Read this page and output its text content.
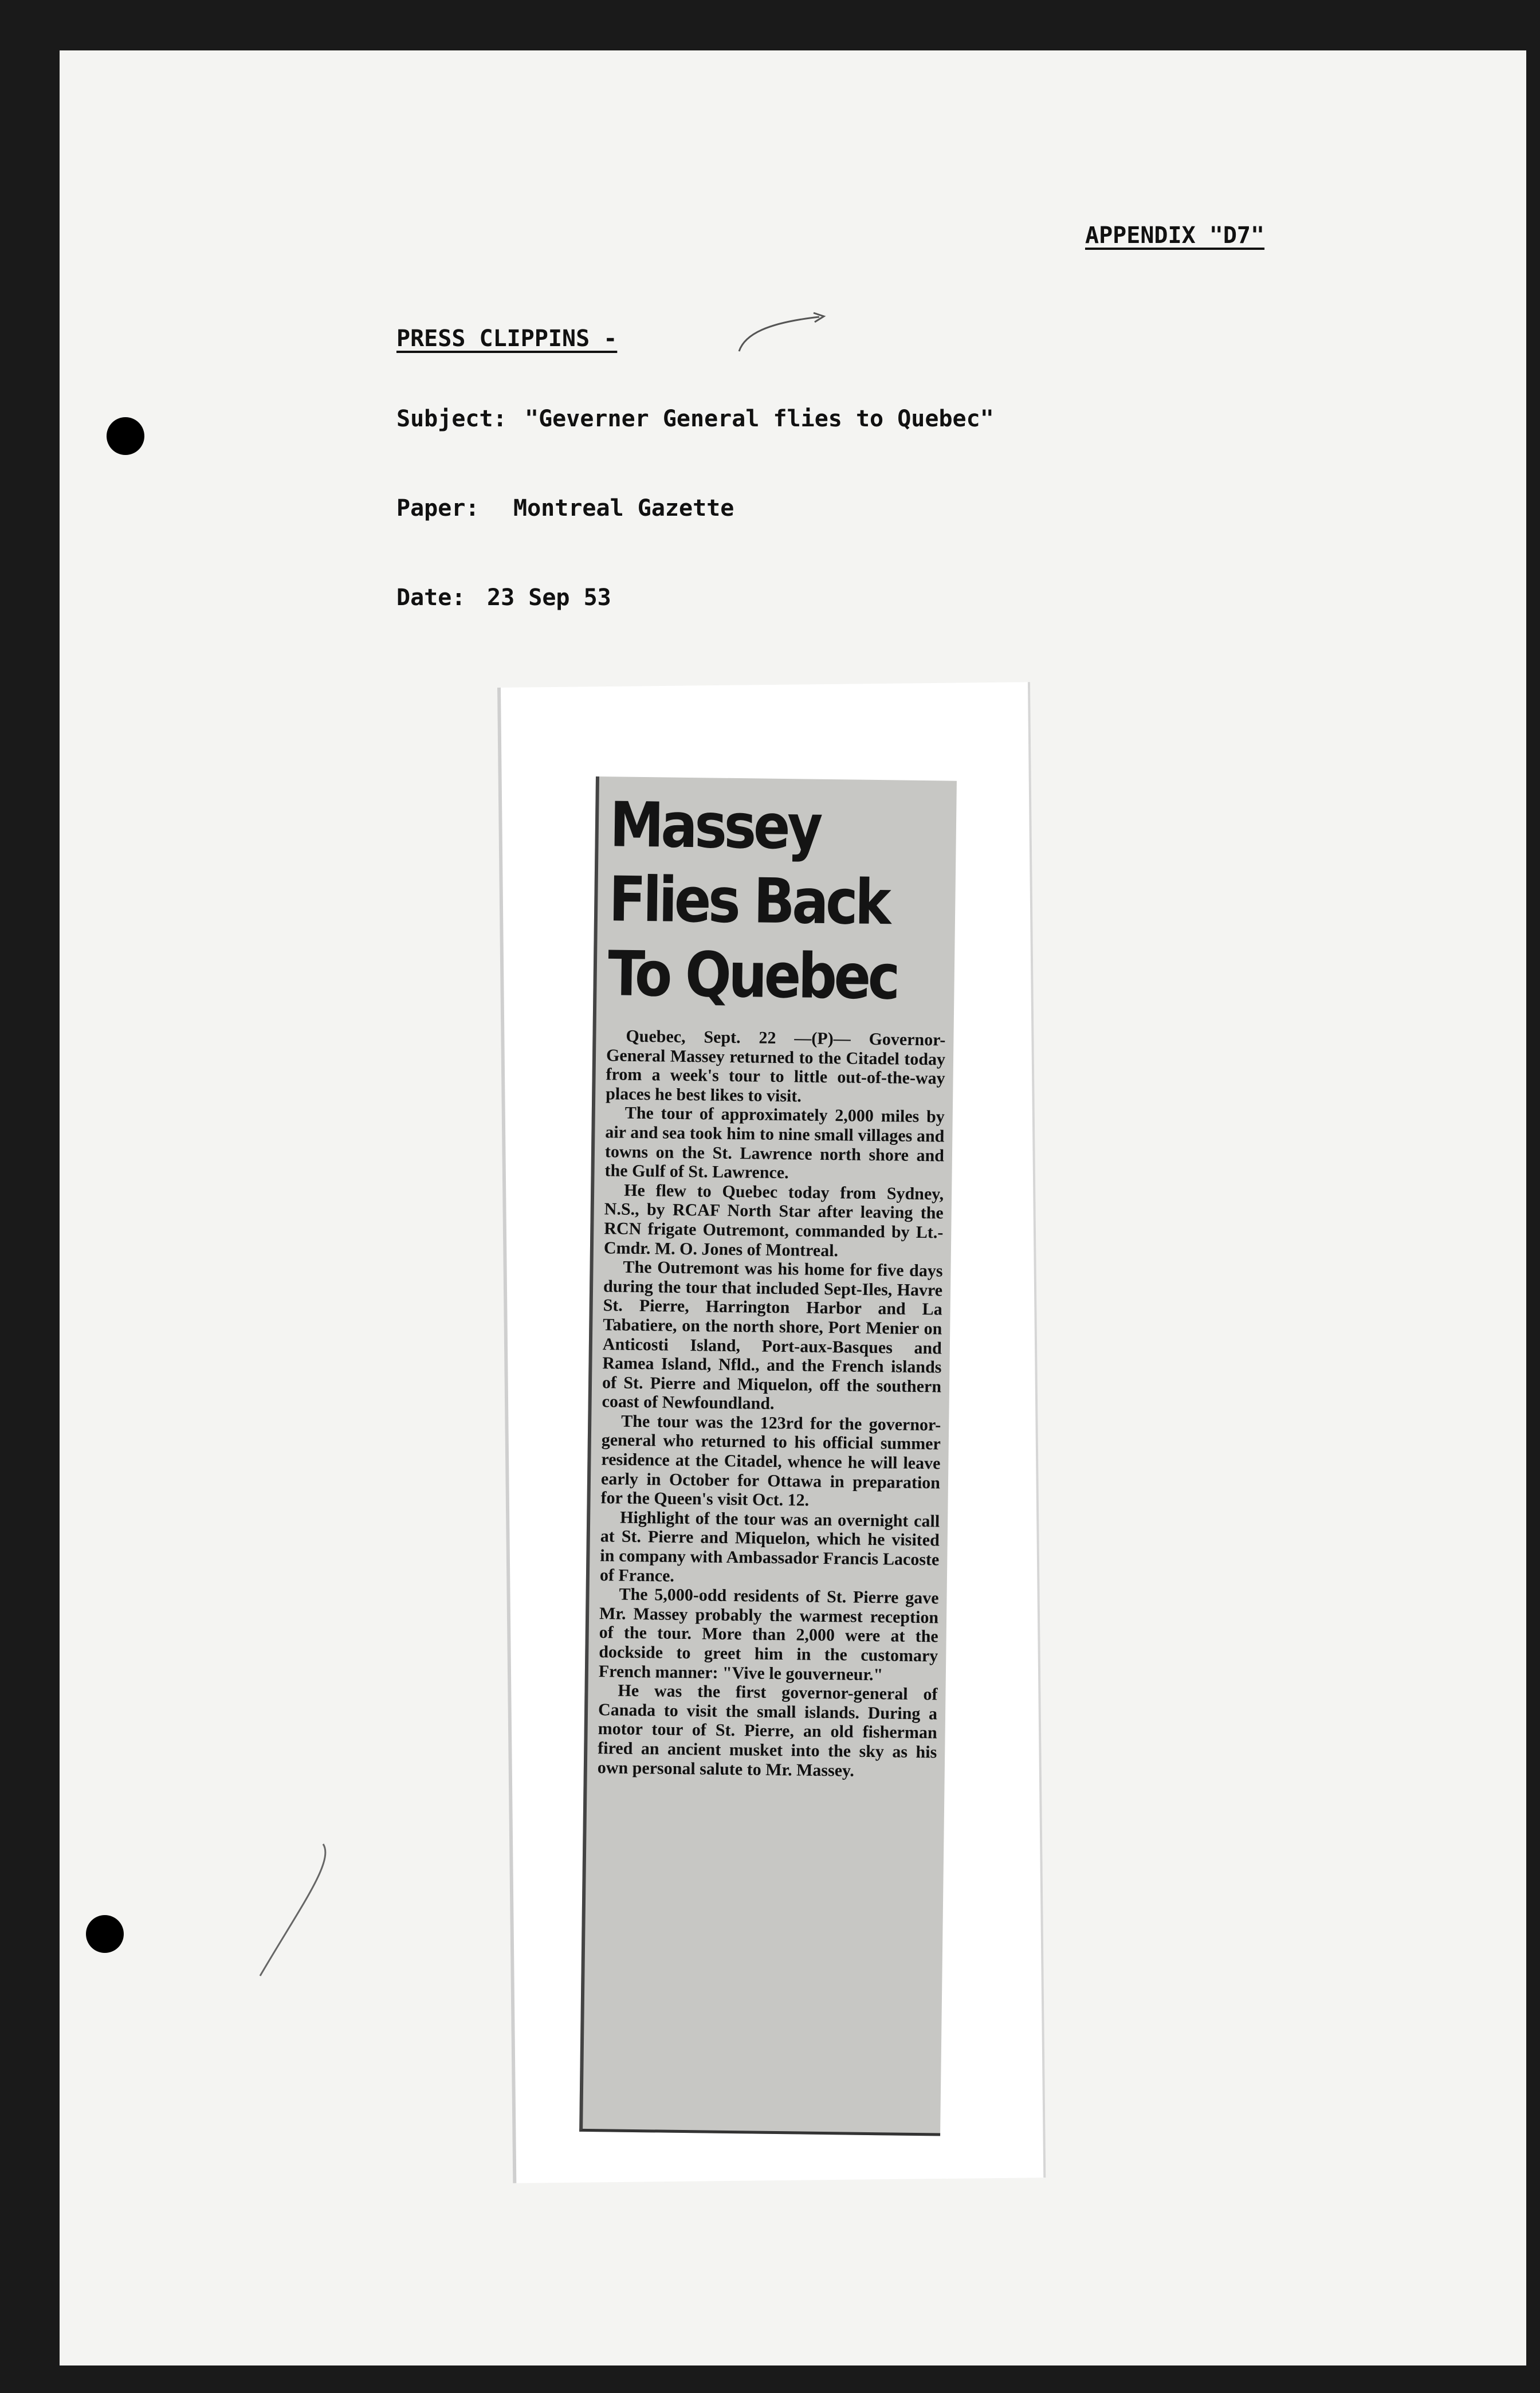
APPENDIX "D7"
PRESS CLIPPINS -
Subject: "Geverner General flies to Quebec"
Paper: Montreal Gazette
Date: 23 Sep 53
Massey
Flies Back
To Quebec

Quebec, Sept. 22 —(P)— Governor-General Massey returned to the Citadel today from a week's tour to little out-of-the-way places he best likes to visit.

The tour of approximately 2,000 miles by air and sea took him to nine small villages and towns on the St. Lawrence north shore and the Gulf of St. Lawrence.

He flew to Quebec today from Sydney, N.S., by RCAF North Star after leaving the RCN frigate Outremont, commanded by Lt.-Cmdr. M. O. Jones of Montreal.

The Outremont was his home for five days during the tour that included Sept-Iles, Havre St. Pierre, Harrington Harbor and La Tabatiere, on the north shore, Port Menier on Anticosti Island, Port-aux-Basques and Ramea Island, Nfld., and the French islands of St. Pierre and Miquelon, off the southern coast of Newfoundland.

The tour was the 123rd for the governor-general who returned to his official summer residence at the Citadel, whence he will leave early in October for Ottawa in preparation for the Queen's visit Oct. 12.

Highlight of the tour was an overnight call at St. Pierre and Miquelon, which he visited in company with Ambassador Francis Lacoste of France.

The 5,000-odd residents of St. Pierre gave Mr. Massey probably the warmest reception of the tour. More than 2,000 were at the dockside to greet him in the customary French manner: "Vive le gouverneur."

He was the first governor-general of Canada to visit the small islands. During a motor tour of St. Pierre, an old fisherman fired an ancient musket into the sky as his own personal salute to Mr. Massey.
